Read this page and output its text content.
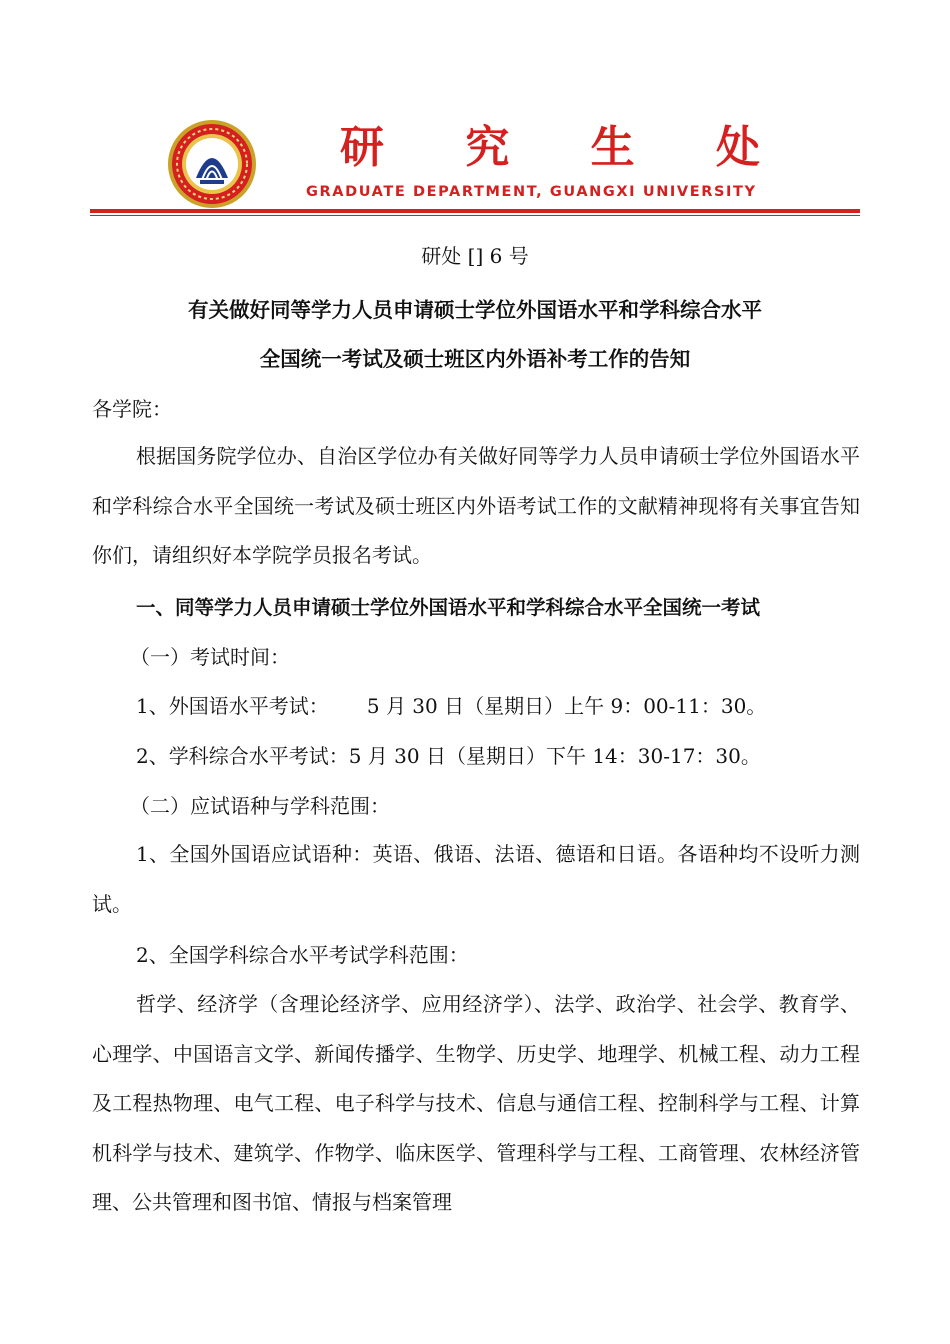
研 究 生 处
GRADUATE DEPARTMENT, GUANGXI UNIVERSITY
研处 [] 6 号
有关做好同等学力人员申请硕士学位外国语水平和学科综合水平
全国统一考试及硕士班区内外语补考工作的告知
各学院：

根据国务院学位办、自治区学位办有关做好同等学力人员申请硕士学位外国语水平和学科综合水平全国统一考试及硕士班区内外语考试工作的文献精神现将有关事宜告知你们，请组织好本学院学员报名考试。

一、同等学力人员申请硕士学位外国语水平和学科综合水平全国统一考试
（一）考试时间：
1、外国语水平考试：      5 月 30 日（星期日）上午 9：00-11：30。
2、学科综合水平考试：5 月 30 日（星期日）下午 14：30-17：30。
（二）应试语种与学科范围：

1、全国外国语应试语种：英语、俄语、法语、德语和日语。各语种均不设听力测试。

2、全国学科综合水平考试学科范围：

哲学、经济学（含理论经济学、应用经济学）、法学、政治学、社会学、教育学、心理学、中国语言文学、新闻传播学、生物学、历史学、地理学、机械工程、动力工程及工程热物理、电气工程、电子科学与技术、信息与通信工程、控制科学与工程、计算机科学与技术、建筑学、作物学、临床医学、管理科学与工程、工商管理、农林经济管理、公共管理和图书馆、情报与档案管理
